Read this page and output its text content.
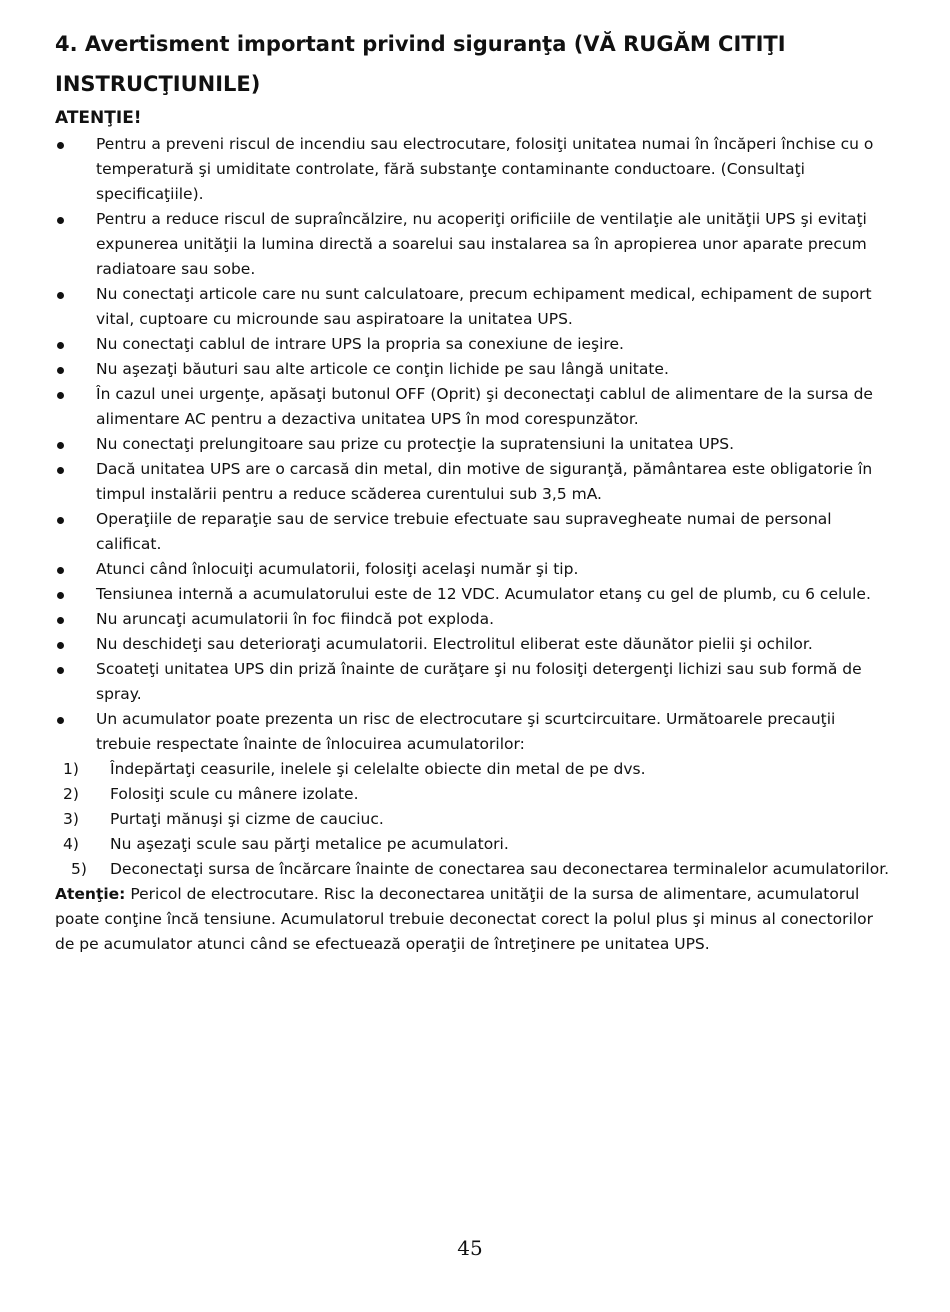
4. Avertisment important privind siguranţa (VĂ RUGĂM CITIŢI
INSTRUCŢIUNILE)

ATENŢIE!

Pentru a preveni riscul de incendiu sau electrocutare, folosiţi unitatea numai în încăperi închise cu o temperatură şi umiditate controlate, fără substanţe contaminante conductoare. (Consultaţi specificaţiile).
Pentru a reduce riscul de supraîncălzire, nu acoperiţi orificiile de ventilaţie ale unităţii UPS şi evitaţi expunerea unităţii la lumina directă a soarelui sau instalarea sa în apropierea unor aparate precum radiatoare sau sobe.
Nu conectaţi articole care nu sunt calculatoare, precum echipament medical, echipament de suport vital, cuptoare cu microunde sau aspiratoare la unitatea UPS.
Nu conectaţi cablul de intrare UPS la propria sa conexiune de ieşire.
Nu aşezaţi băuturi sau alte articole ce conţin lichide pe sau lângă unitate.
În cazul unei urgenţe, apăsaţi butonul OFF (Oprit) şi deconectaţi cablul de alimentare de la sursa de alimentare AC pentru a dezactiva unitatea UPS în mod corespunzător.
Nu conectaţi prelungitoare sau prize cu protecţie la supratensiuni la unitatea UPS.
Dacă unitatea UPS are o carcasă din metal, din motive de siguranţă, pământarea este obligatorie în timpul instalării pentru a reduce scăderea curentului sub 3,5 mA.
Operaţiile de reparaţie sau de service trebuie efectuate sau supravegheate numai de personal calificat.
Atunci când înlocuiţi acumulatorii, folosiţi acelaşi număr şi tip.
Tensiunea internă a acumulatorului este de 12 VDC. Acumulator etanş cu gel de plumb, cu 6 celule.
Nu aruncaţi acumulatorii în foc fiindcă pot exploda.
Nu deschideţi sau deterioraţi acumulatorii. Electrolitul eliberat este dăunător pielii şi ochilor.
Scoateţi unitatea UPS din priză înainte de curăţare şi nu folosiţi detergenţi lichizi sau sub formă de spray.
Un acumulator poate prezenta un risc de electrocutare şi scurtcircuitare. Următoarele precauţii trebuie respectate înainte de înlocuirea acumulatorilor:
1) Îndepărtaţi ceasurile, inelele şi celelalte obiecte din metal de pe dvs.
2) Folosiţi scule cu mânere izolate.
3) Purtaţi mănuşi şi cizme de cauciuc.
4) Nu aşezaţi scule sau părţi metalice pe acumulatori.

5) Deconectaţi sursa de încărcare înainte de conectarea sau deconectarea terminalelor acumulatorilor.

Atenţie: Pericol de electrocutare. Risc la deconectarea unităţii de la sursa de alimentare, acumulatorul poate conţine încă tensiune. Acumulatorul trebuie deconectat corect la polul plus şi minus al conectorilor de pe acumulator atunci când se efectuează operaţii de întreţinere pe unitatea UPS.

45
